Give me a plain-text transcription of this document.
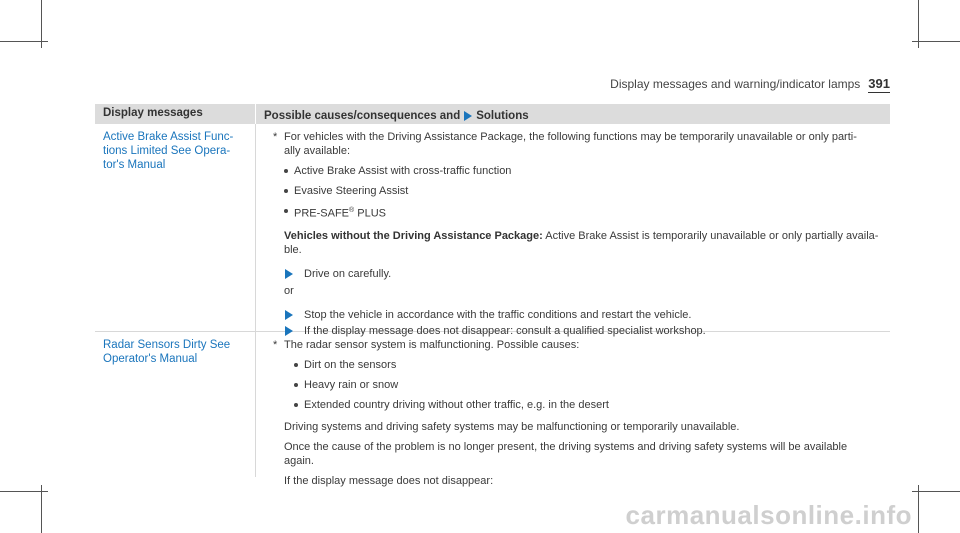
Display messages and warning/indicator lamps 391
Display messages	Possible causes/consequences and Solutions
Active Brake Assist Func-
tions Limited See Opera-
tor's Manual
* For vehicles with the Driving Assistance Package, the following functions may be temporarily unavailable or only parti-
ally available:
Active Brake Assist with cross-traffic function
Evasive Steering Assist
PRE-SAFE® PLUS
Vehicles without the Driving Assistance Package: Active Brake Assist is temporarily unavailable or only partially availa-
ble.
Drive on carefully.
or
Stop the vehicle in accordance with the traffic conditions and restart the vehicle.
If the display message does not disappear: consult a qualified specialist workshop.
Radar Sensors Dirty See
Operator's Manual
* The radar sensor system is malfunctioning. Possible causes:
Dirt on the sensors
Heavy rain or snow
Extended country driving without other traffic, e.g. in the desert
Driving systems and driving safety systems may be malfunctioning or temporarily unavailable.
Once the cause of the problem is no longer present, the driving systems and driving safety systems will be available
again.
If the display message does not disappear:
carmanualsonline.info
